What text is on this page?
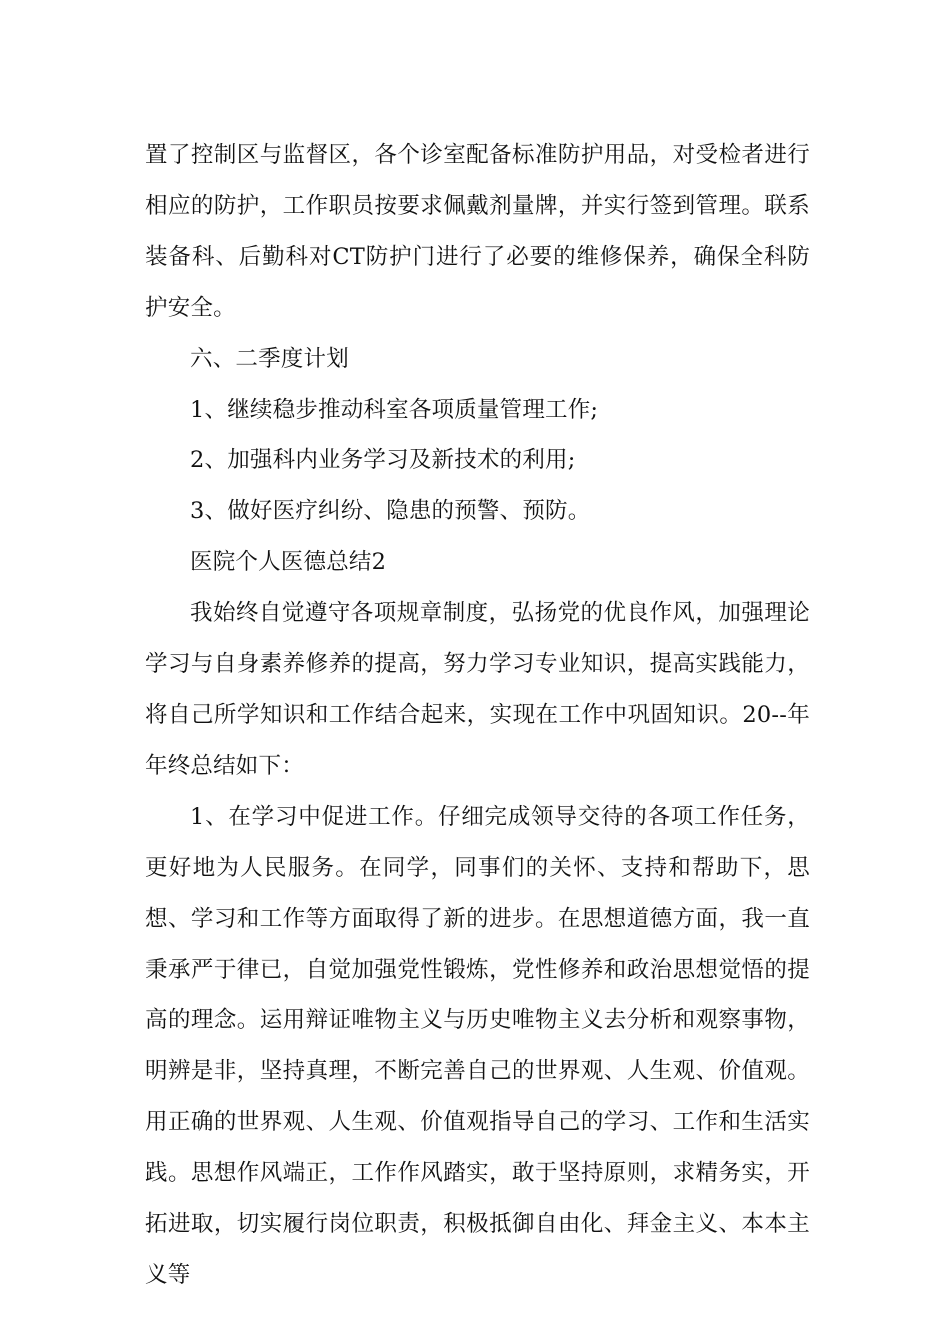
置了控制区与监督区，各个诊室配备标准防护用品，对受检者进行相应的防护，工作职员按要求佩戴剂量牌，并实行签到管理。联系装备科、后勤科对CT防护门进行了必要的维修保养，确保全科防护安全。

六、二季度计划

1、继续稳步推动科室各项质量管理工作;

2、加强科内业务学习及新技术的利用;

3、做好医疗纠纷、隐患的预警、预防。

医院个人医德总结2

我始终自觉遵守各项规章制度，弘扬党的优良作风，加强理论学习与自身素养修养的提高，努力学习专业知识，提高实践能力，将自己所学知识和工作结合起来，实现在工作中巩固知识。20--年年终总结如下：

1、在学习中促进工作。仔细完成领导交待的各项工作任务，更好地为人民服务。在同学，同事们的关怀、支持和帮助下，思想、学习和工作等方面取得了新的进步。在思想道德方面，我一直秉承严于律已，自觉加强党性锻炼，党性修养和政治思想觉悟的提高的理念。运用辩证唯物主义与历史唯物主义去分析和观察事物，明辨是非，坚持真理，不断完善自己的世界观、人生观、价值观。用正确的世界观、人生观、价值观指导自己的学习、工作和生活实践。思想作风端正，工作作风踏实，敢于坚持原则，求精务实，开拓进取，切实履行岗位职责，积极抵御自由化、拜金主义、本本主义等
